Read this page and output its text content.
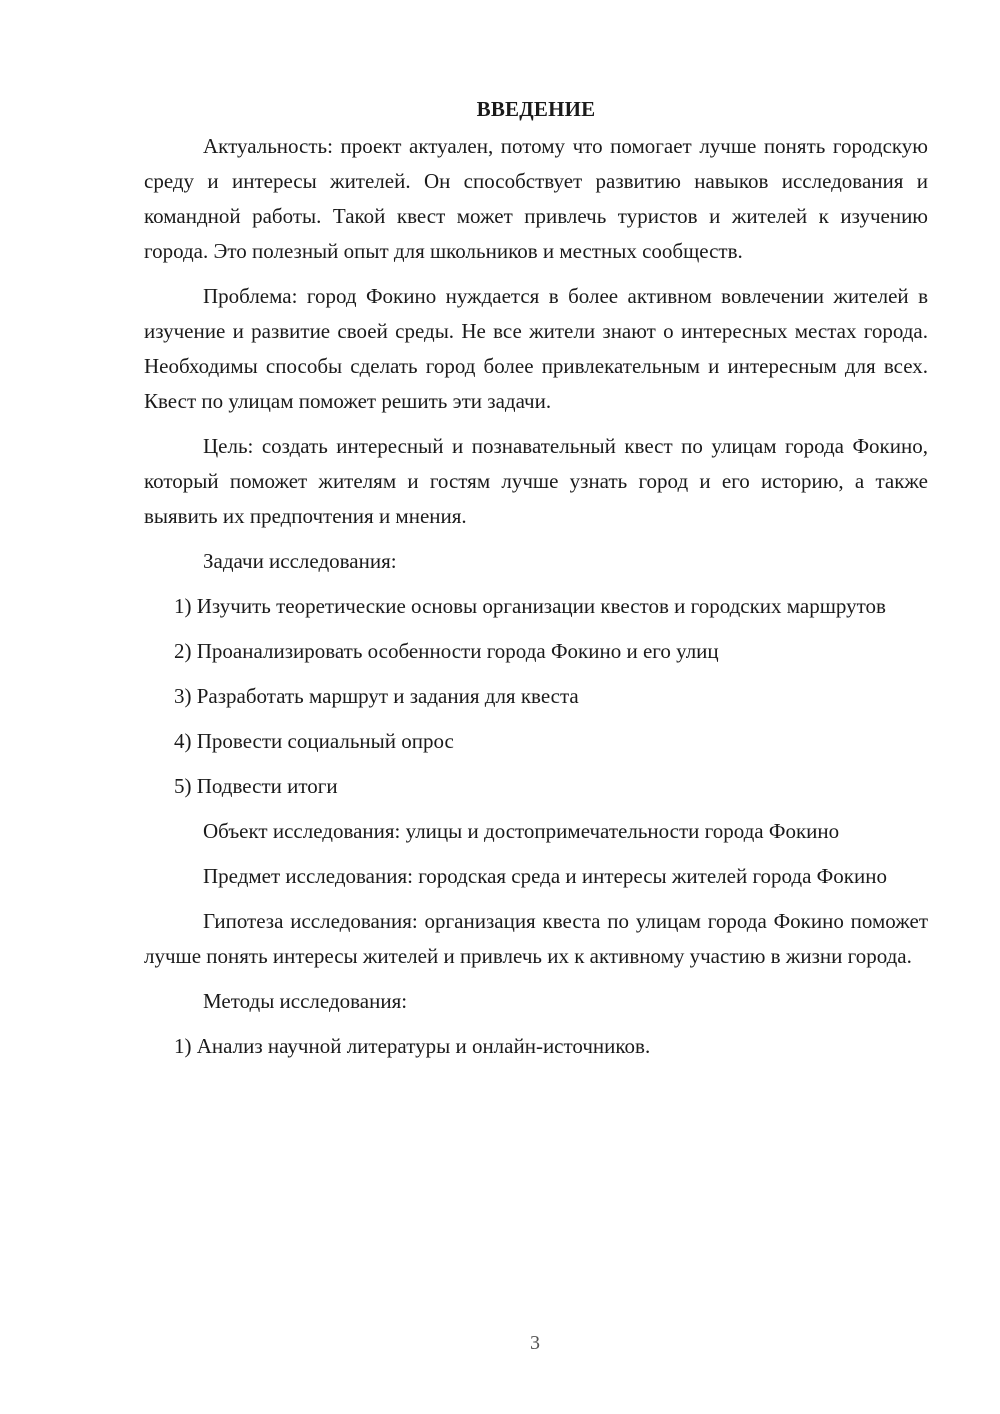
ВВЕДЕНИЕ

Актуальность: проект актуален, потому что помогает лучше понять городскую среду и интересы жителей. Он способствует развитию навыков исследования и командной работы. Такой квест может привлечь туристов и жителей к изучению города. Это полезный опыт для школьников и местных сообществ.

Проблема: город Фокино нуждается в более активном вовлечении жителей в изучение и развитие своей среды. Не все жители знают о интересных местах города. Необходимы способы сделать город более привлекательным и интересным для всех. Квест по улицам поможет решить эти задачи.

Цель: создать интересный и познавательный квест по улицам города Фокино, который поможет жителям и гостям лучше узнать город и его историю, а также выявить их предпочтения и мнения.

Задачи исследования:

1) Изучить теоретические основы организации квестов и городских маршрутов

2) Проанализировать особенности города Фокино и его улиц

3) Разработать маршрут и задания для квеста

4) Провести социальный опрос

5) Подвести итоги

Объект исследования: улицы и достопримечательности города Фокино

Предмет исследования: городская среда и интересы жителей города Фокино

Гипотеза исследования: организация квеста по улицам города Фокино поможет лучше понять интересы жителей и привлечь их к активному участию в жизни города.

Методы исследования:

1) Анализ научной литературы и онлайн-источников.

3
